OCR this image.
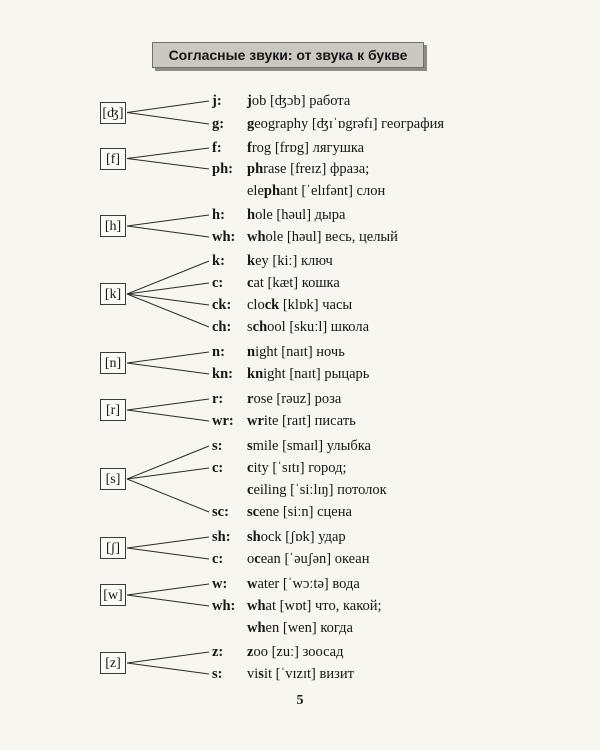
Согласные звуки: от звука к букве
[ʤ]
j:	job [ʤɔb] работа
g:	geography [ʤɪˈɒgrəfɪ] география
[f]
f:	frog [frɒg] лягушка
ph: phrase [freɪz] фраза;
elephant [ˈelɪfənt] слон
[h]
h:	hole [həul] дыра
wh: whole [həul] весь, целый
[k]
k:	key [kiː] ключ
c:	cat [kæt] кошка
ck:	clock [klɒk] часы
ch:	school [skuːl] школа
[n]
n:	night [naɪt] ночь
kn: knight [naɪt] рыцарь
[r]
r:	rose [rəuz] роза
wr: write [raɪt] писать
[s]
s:	smile [smaɪl] улыбка
c:	city [ˈsɪtɪ] город;
ceiling [ˈsiːlɪŋ] потолок
sc:	scene [siːn] сцена
[ʃ]
sh:	shock [ʃɒk] удар
c:	ocean [ˈəuʃən] океан
[w]
w:	water [ˈwɔːtə] вода
wh: what [wɒt] что, какой;
when [wen] когда
[z]
z:	zoo [zuː] зоосад
s:	visit [ˈvɪzɪt] визит
5
